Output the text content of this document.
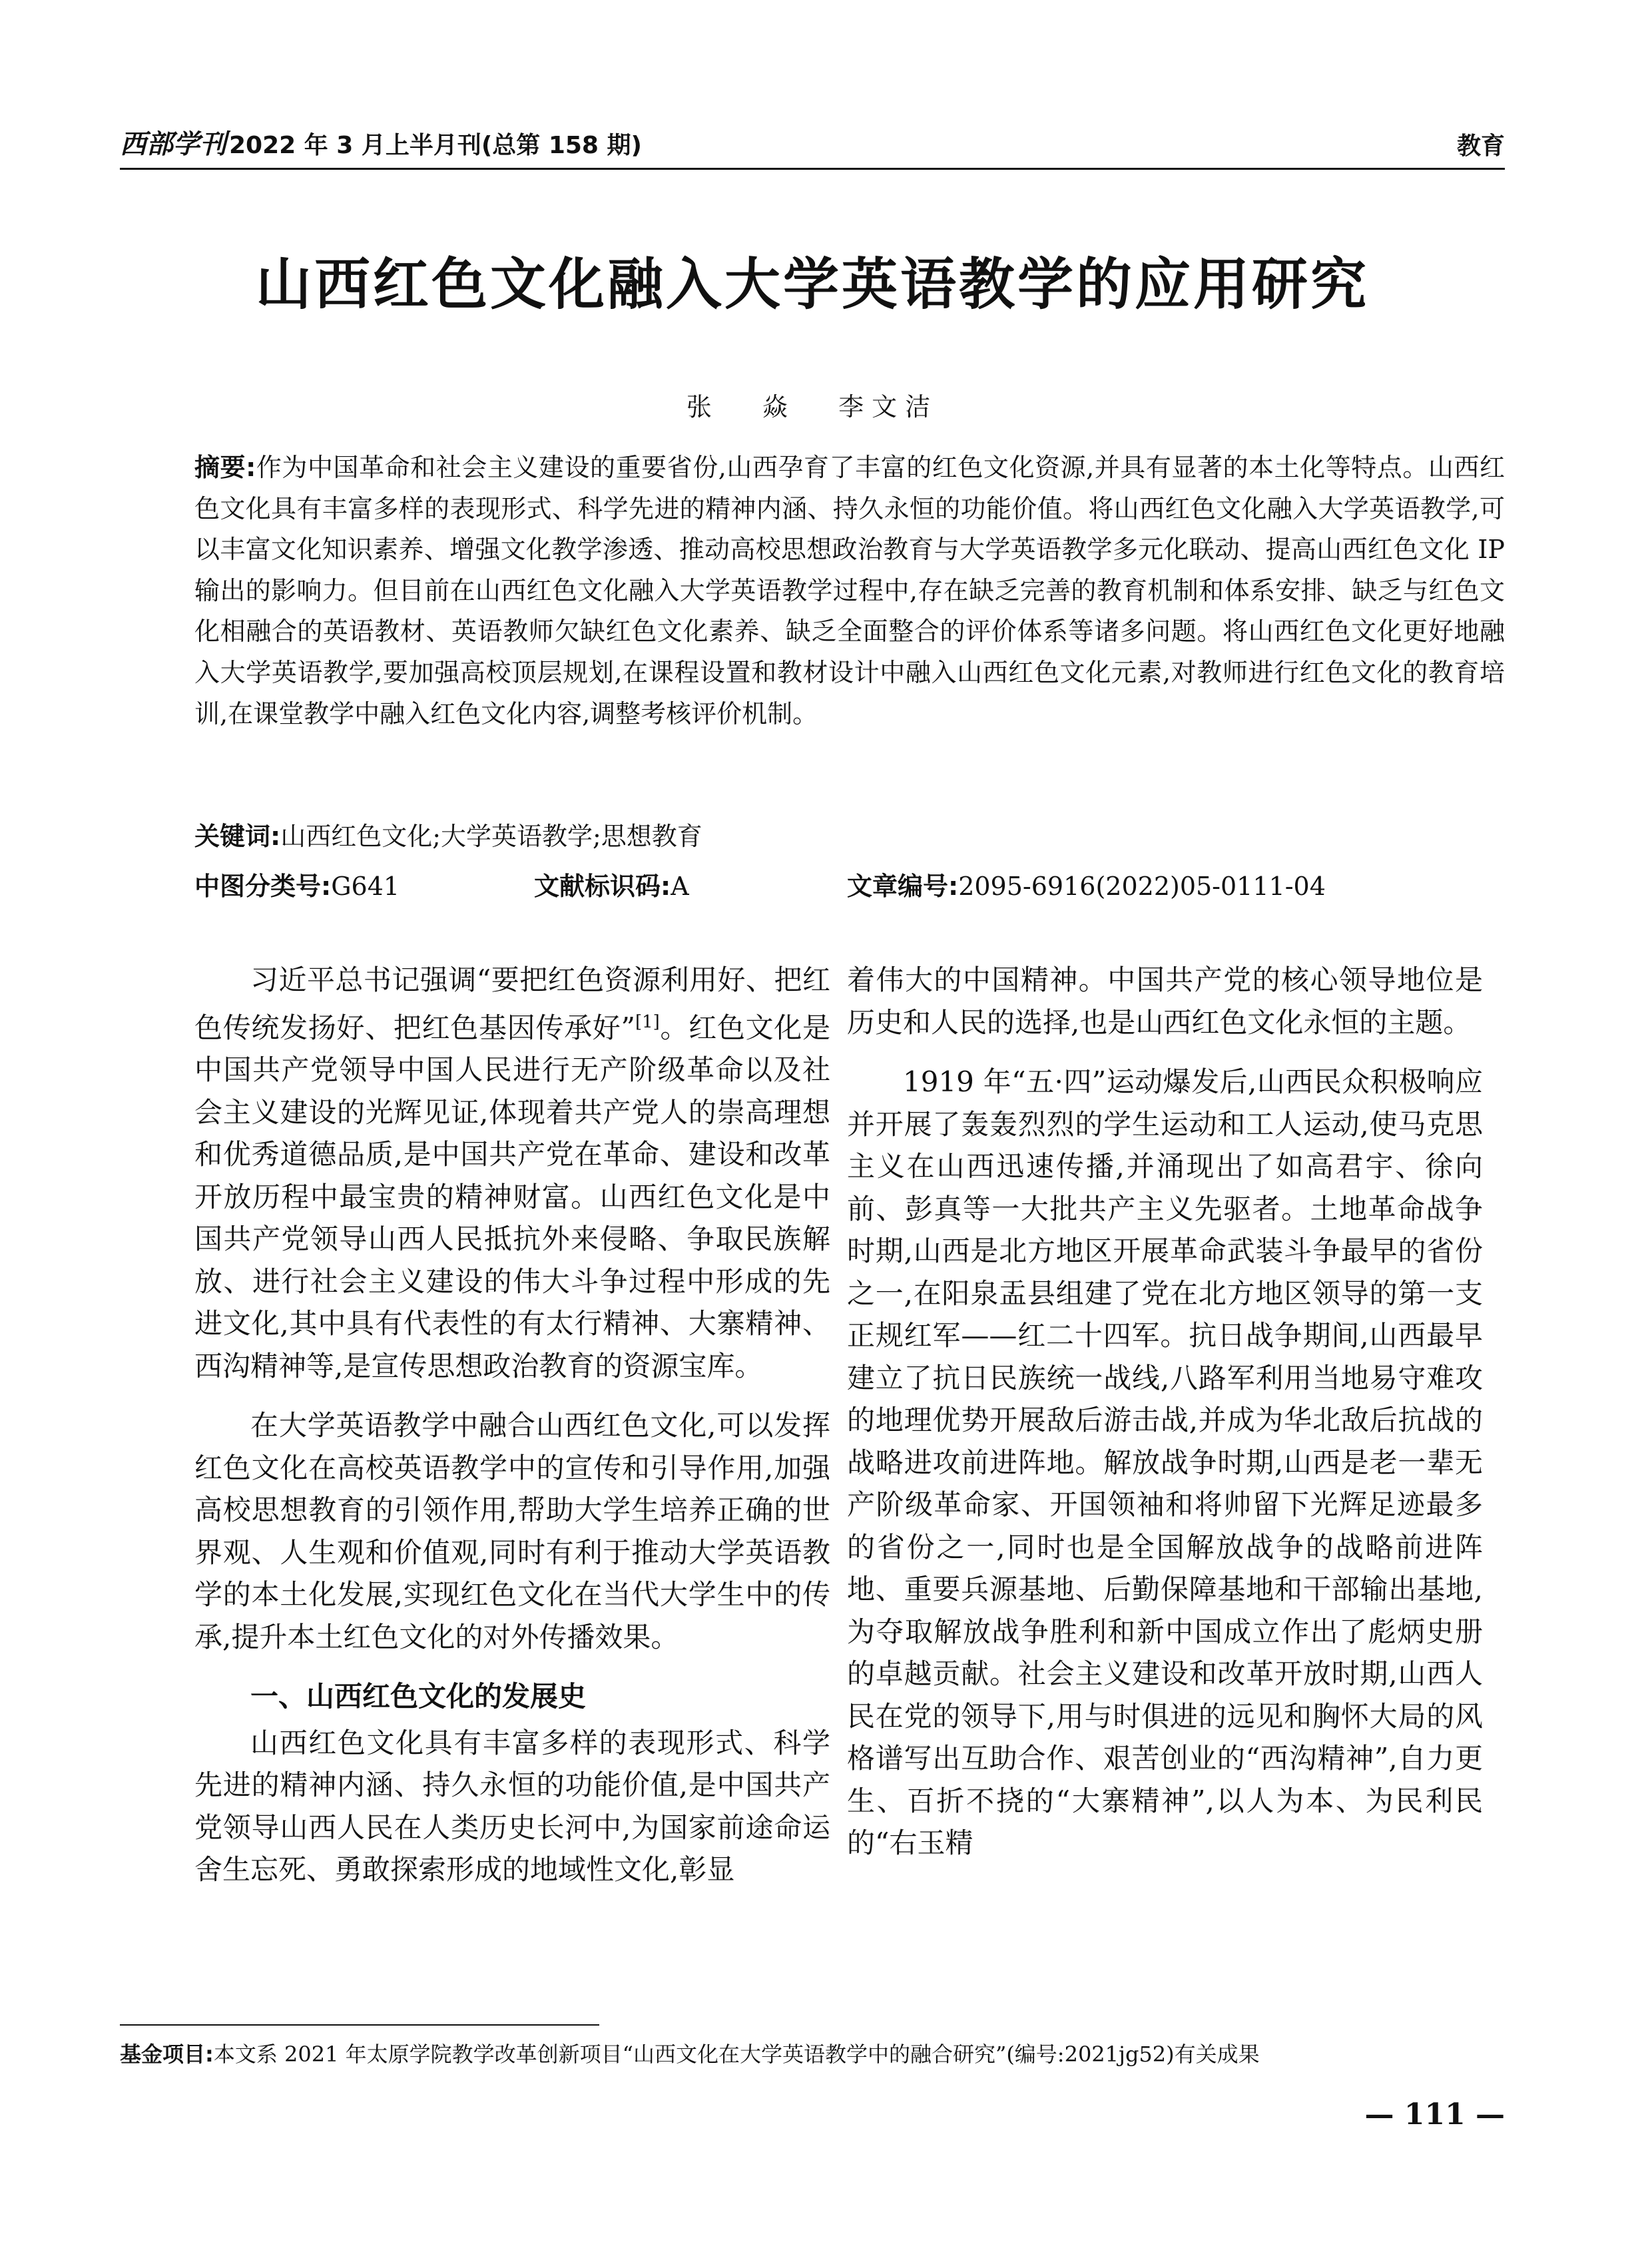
西部学刊 2022 年 3 月上半月刊(总第 158 期)	教育
山西红色文化融入大学英语教学的应用研究
张 焱 李文洁
摘要:作为中国革命和社会主义建设的重要省份,山西孕育了丰富的红色文化资源,并具有显著的本土化等特点。山西红色文化具有丰富多样的表现形式、科学先进的精神内涵、持久永恒的功能价值。将山西红色文化融入大学英语教学,可以丰富文化知识素养、增强文化教学渗透、推动高校思想政治教育与大学英语教学多元化联动、提高山西红色文化 IP 输出的影响力。但目前在山西红色文化融入大学英语教学过程中,存在缺乏完善的教育机制和体系安排、缺乏与红色文化相融合的英语教材、英语教师欠缺红色文化素养、缺乏全面整合的评价体系等诸多问题。将山西红色文化更好地融入大学英语教学,要加强高校顶层规划,在课程设置和教材设计中融入山西红色文化元素,对教师进行红色文化的教育培训,在课堂教学中融入红色文化内容,调整考核评价机制。
关键词:山西红色文化;大学英语教学;思想教育
中图分类号:G641	文献标识码:A	文章编号:2095-6916(2022)05-0111-04

习近平总书记强调“要把红色资源利用好、把红色传统发扬好、把红色基因传承好”[1]。红色文化是中国共产党领导中国人民进行无产阶级革命以及社会主义建设的光辉见证,体现着共产党人的崇高理想和优秀道德品质,是中国共产党在革命、建设和改革开放历程中最宝贵的精神财富。山西红色文化是中国共产党领导山西人民抵抗外来侵略、争取民族解放、进行社会主义建设的伟大斗争过程中形成的先进文化,其中具有代表性的有太行精神、大寨精神、西沟精神等,是宣传思想政治教育的资源宝库。

在大学英语教学中融合山西红色文化,可以发挥红色文化在高校英语教学中的宣传和引导作用,加强高校思想教育的引领作用,帮助大学生培养正确的世界观、人生观和价值观,同时有利于推动大学英语教学的本土化发展,实现红色文化在当代大学生中的传承,提升本土红色文化的对外传播效果。

一、山西红色文化的发展史

山西红色文化具有丰富多样的表现形式、科学先进的精神内涵、持久永恒的功能价值,是中国共产党领导山西人民在人类历史长河中,为国家前途命运舍生忘死、勇敢探索形成的地域性文化,彰显

着伟大的中国精神。中国共产党的核心领导地位是历史和人民的选择,也是山西红色文化永恒的主题。

1919 年“五·四”运动爆发后,山西民众积极响应并开展了轰轰烈烈的学生运动和工人运动,使马克思主义在山西迅速传播,并涌现出了如高君宇、徐向前、彭真等一大批共产主义先驱者。土地革命战争时期,山西是北方地区开展革命武装斗争最早的省份之一,在阳泉盂县组建了党在北方地区领导的第一支正规红军——红二十四军。抗日战争期间,山西最早建立了抗日民族统一战线,八路军利用当地易守难攻的地理优势开展敌后游击战,并成为华北敌后抗战的战略进攻前进阵地。解放战争时期,山西是老一辈无产阶级革命家、开国领袖和将帅留下光辉足迹最多的省份之一,同时也是全国解放战争的战略前进阵地、重要兵源基地、后勤保障基地和干部输出基地,为夺取解放战争胜利和新中国成立作出了彪炳史册的卓越贡献。社会主义建设和改革开放时期,山西人民在党的领导下,用与时俱进的远见和胸怀大局的风格谱写出互助合作、艰苦创业的“西沟精神”,自力更生、百折不挠的“大寨精神”,以人为本、为民利民的“右玉精

基金项目:本文系 2021 年太原学院教学改革创新项目“山西文化在大学英语教学中的融合研究”(编号:2021jg52)有关成果
— 111 —
